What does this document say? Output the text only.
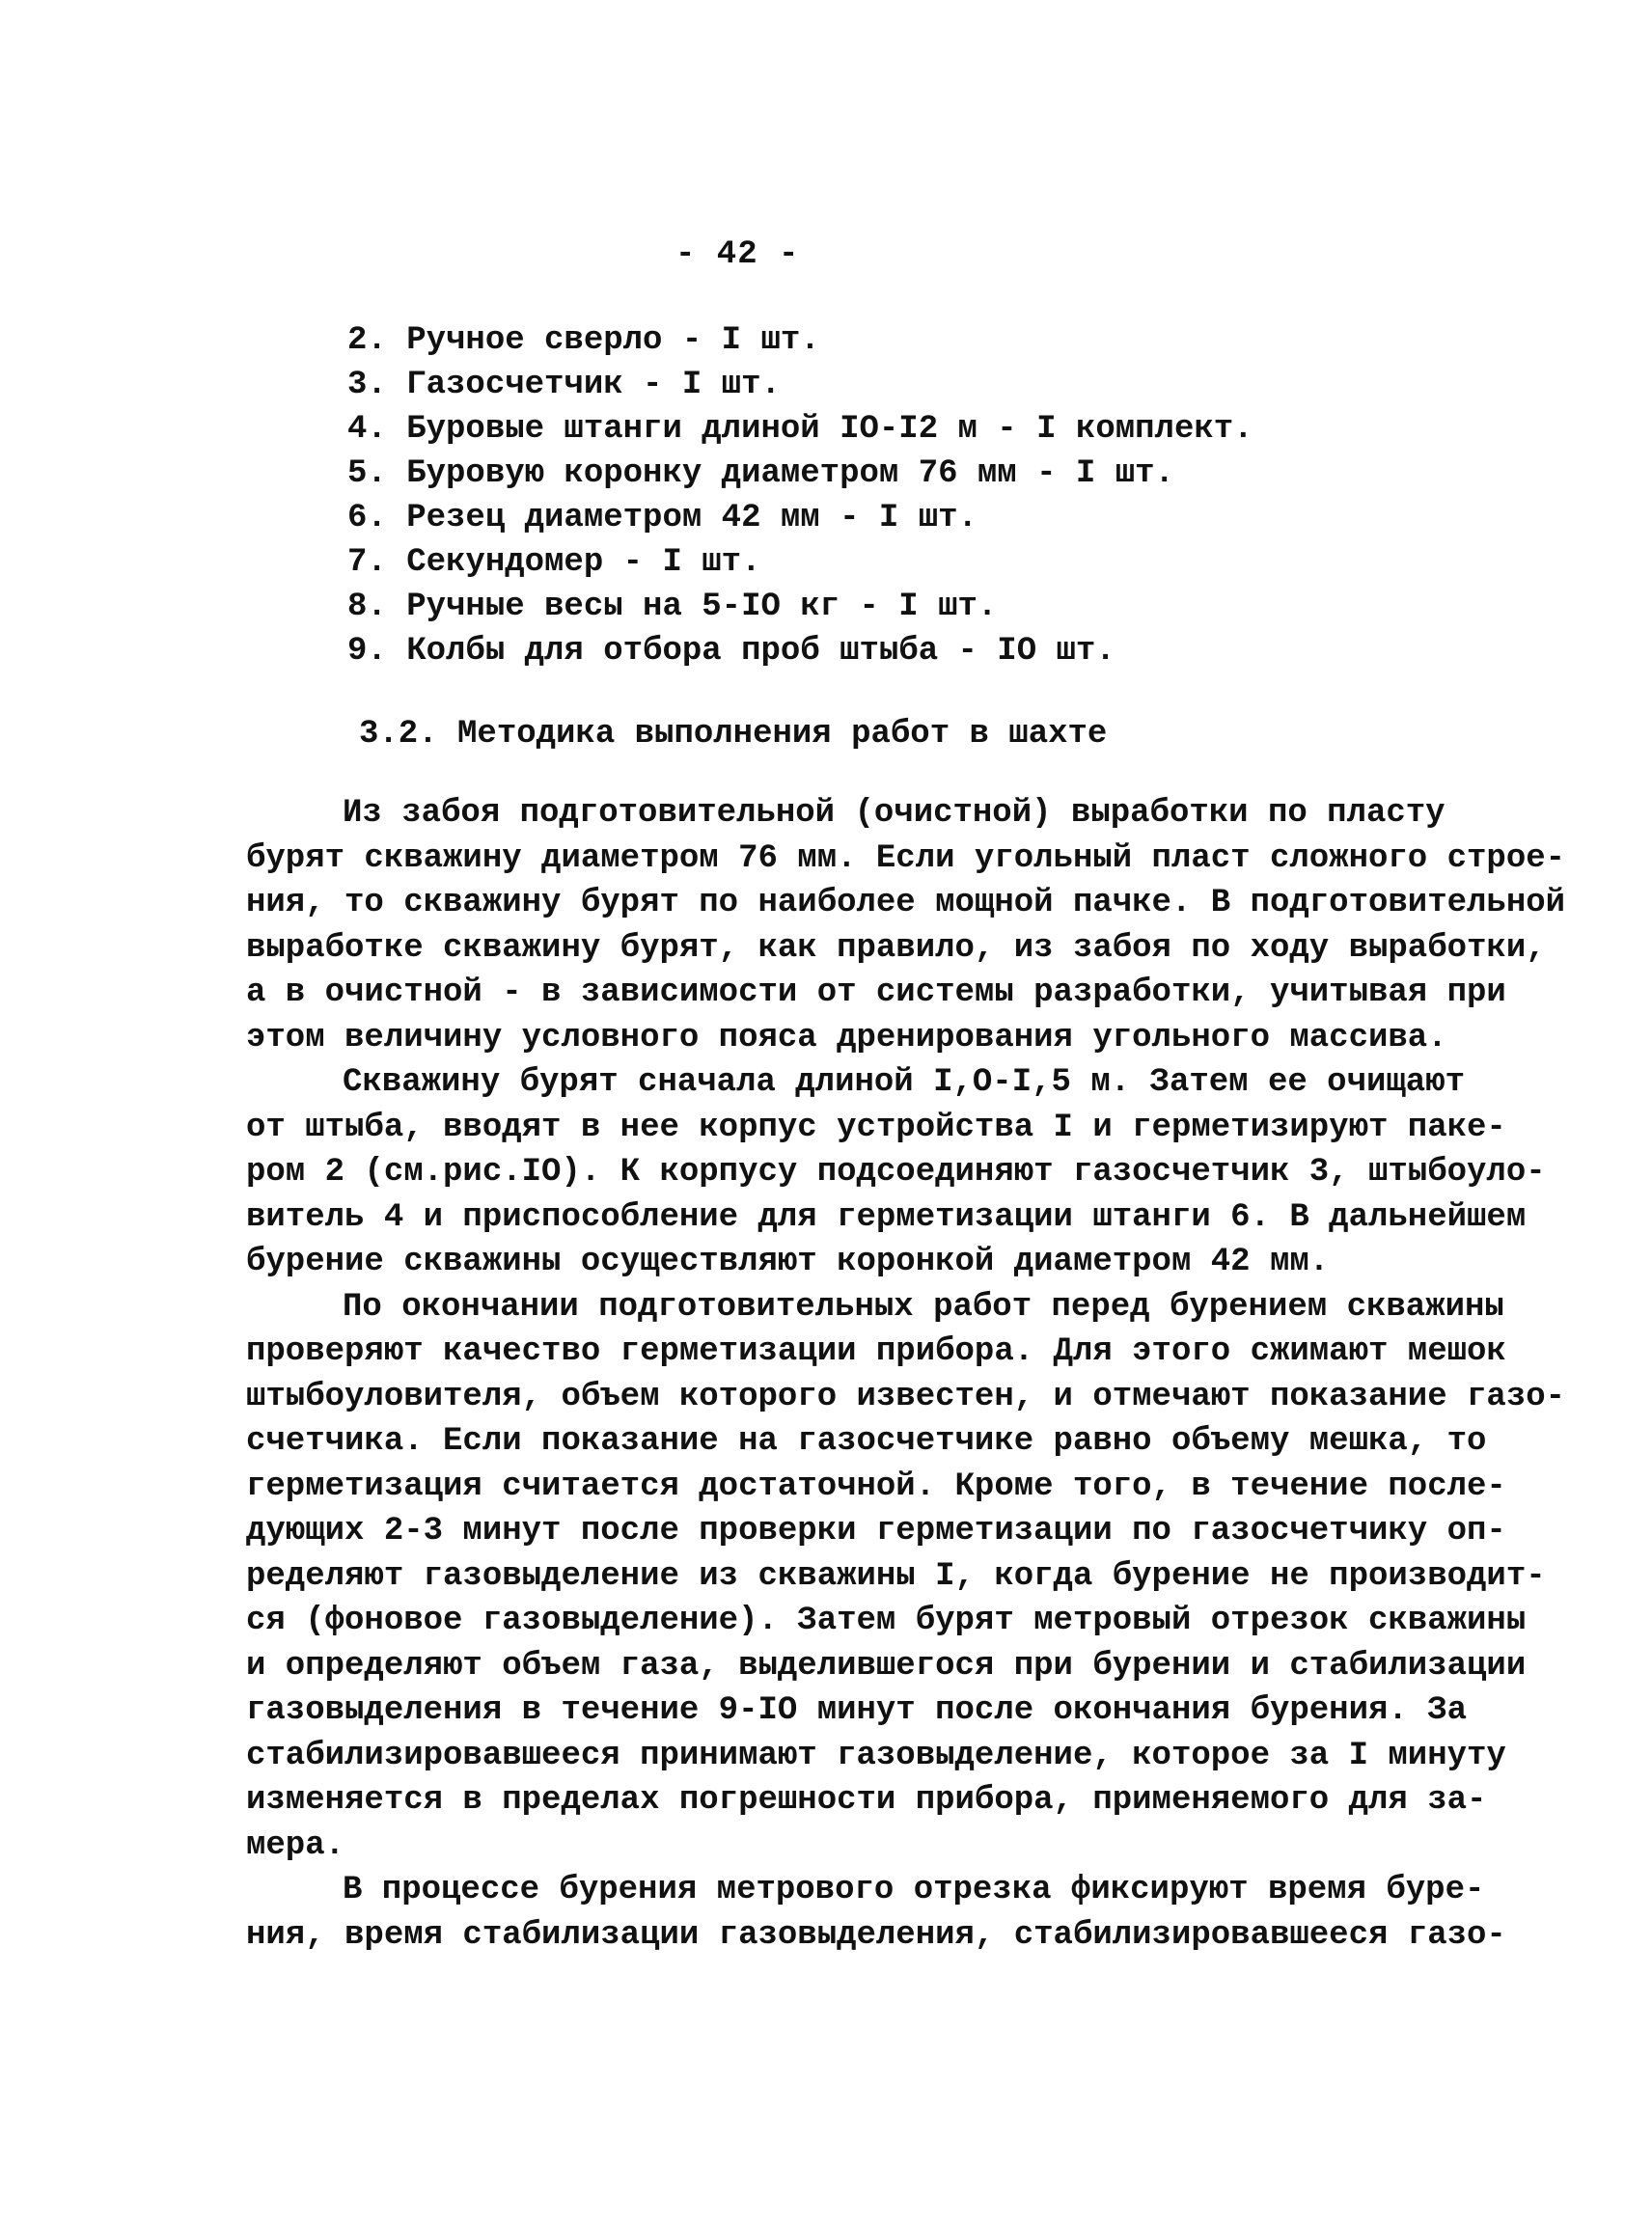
- 42 -
2. Ручное сверло - I шт.
3. Газосчетчик - I шт.
4. Буровые штанги длиной IO-I2 м - I комплект.
5. Буровую коронку диаметром 76 мм - I шт.
6. Резец диаметром 42 мм - I шт.
7. Секундомер - I шт.
8. Ручные весы на 5-IO кг - I шт.
9. Колбы для отбора проб штыба - IO шт.
3.2. Методика выполнения работ в шахте
Из забоя подготовительной (очистной) выработки по пласту
бурят скважину диаметром 76 мм. Если угольный пласт сложного строе-
ния, то скважину бурят по наиболее мощной пачке. В подготовительной
выработке скважину бурят, как правило, из забоя по ходу выработки,
а в очистной - в зависимости от системы разработки, учитывая при
этом величину условного пояса дренирования угольного массива.
Скважину бурят сначала длиной I,O-I,5 м. Затем ее очищают
от штыба, вводят в нее корпус устройства I и герметизируют паке-
ром 2 (см.рис.IO). К корпусу подсоединяют газосчетчик 3, штыбоуло-
витель 4 и приспособление для герметизации штанги 6. В дальнейшем
бурение скважины осуществляют коронкой диаметром 42 мм.
По окончании подготовительных работ перед бурением скважины
проверяют качество герметизации прибора. Для этого сжимают мешок
штыбоуловителя, объем которого известен, и отмечают показание газо-
счетчика. Если показание на газосчетчике равно объему мешка, то
герметизация считается достаточной. Кроме того, в течение после-
дующих 2-3 минут после проверки герметизации по газосчетчику оп-
ределяют газовыделение из скважины I, когда бурение не производит-
ся (фоновое газовыделение). Затем бурят метровый отрезок скважины
и определяют объем газа, выделившегося при бурении и стабилизации
газовыделения в течение 9-IO минут после окончания бурения. За
стабилизировавшееся принимают газовыделение, которое за I минуту
изменяется в пределах погрешности прибора, применяемого для за-
мера.
В процессе бурения метрового отрезка фиксируют время буре-
ния, время стабилизации газовыделения, стабилизировавшееся газо-
